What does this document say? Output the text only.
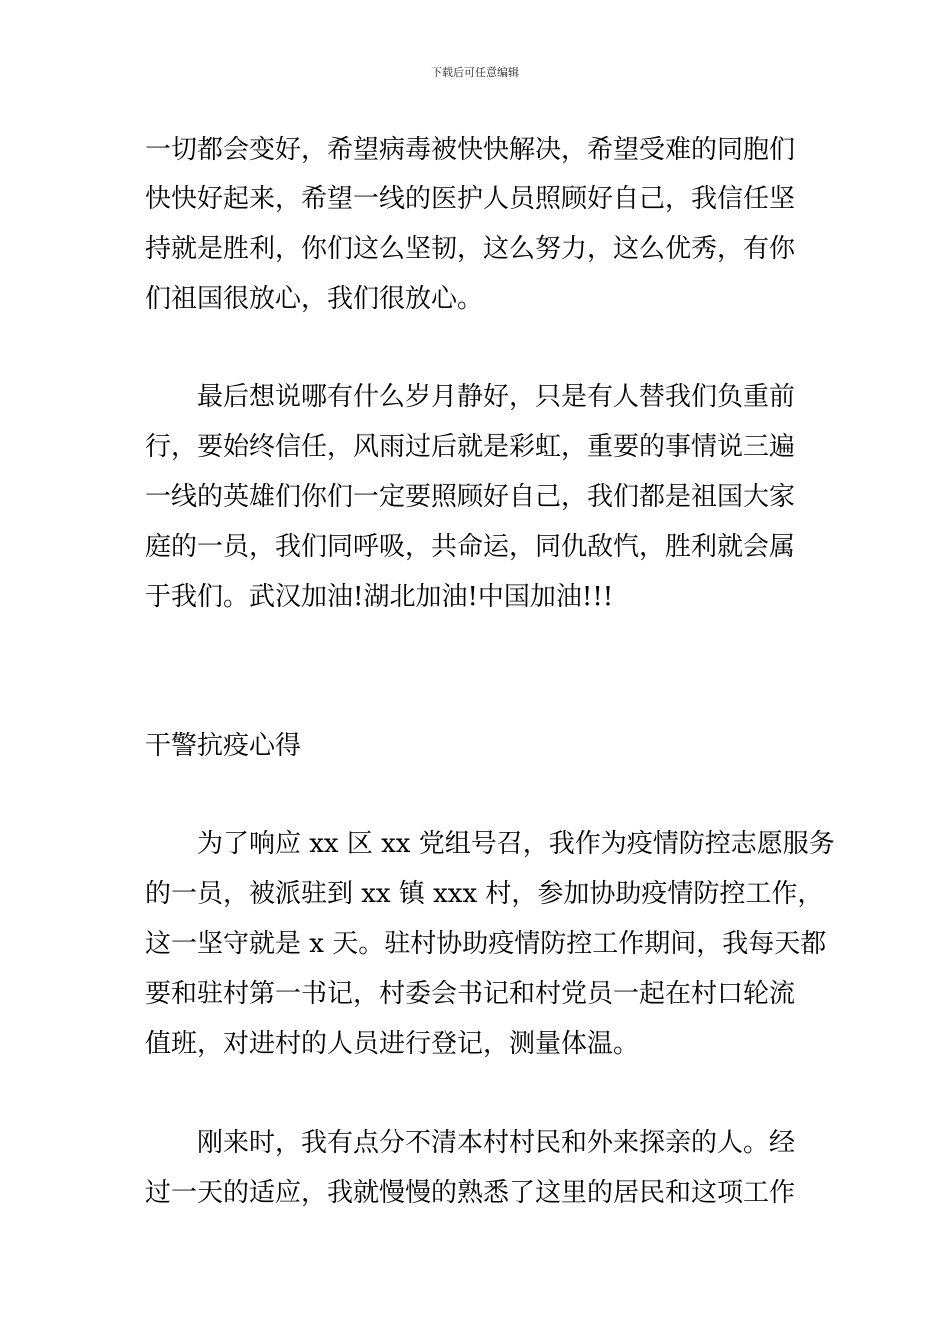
下载后可任意编辑
一切都会变好，希望病毒被快快解决，希望受难的同胞们
快快好起来，希望一线的医护人员照顾好自己，我信任坚
持就是胜利，你们这么坚韧，这么努力，这么优秀，有你
们祖国很放心，我们很放心。
　　最后想说哪有什么岁月静好，只是有人替我们负重前
行，要始终信任，风雨过后就是彩虹，重要的事情说三遍
一线的英雄们你们一定要照顾好自己，我们都是祖国大家
庭的一员，我们同呼吸，共命运，同仇敌忾，胜利就会属
于我们。武汉加油!湖北加油!中国加油!!!
干警抗疫心得
　　为了响应 xx 区 xx 党组号召，我作为疫情防控志愿服务
的一员，被派驻到 xx 镇 xxx 村，参加协助疫情防控工作，
这一坚守就是 x 天。驻村协助疫情防控工作期间，我每天都
要和驻村第一书记，村委会书记和村党员一起在村口轮流
值班，对进村的人员进行登记，测量体温。
　　刚来时，我有点分不清本村村民和外来探亲的人。经
过一天的适应，我就慢慢的熟悉了这里的居民和这项工作
